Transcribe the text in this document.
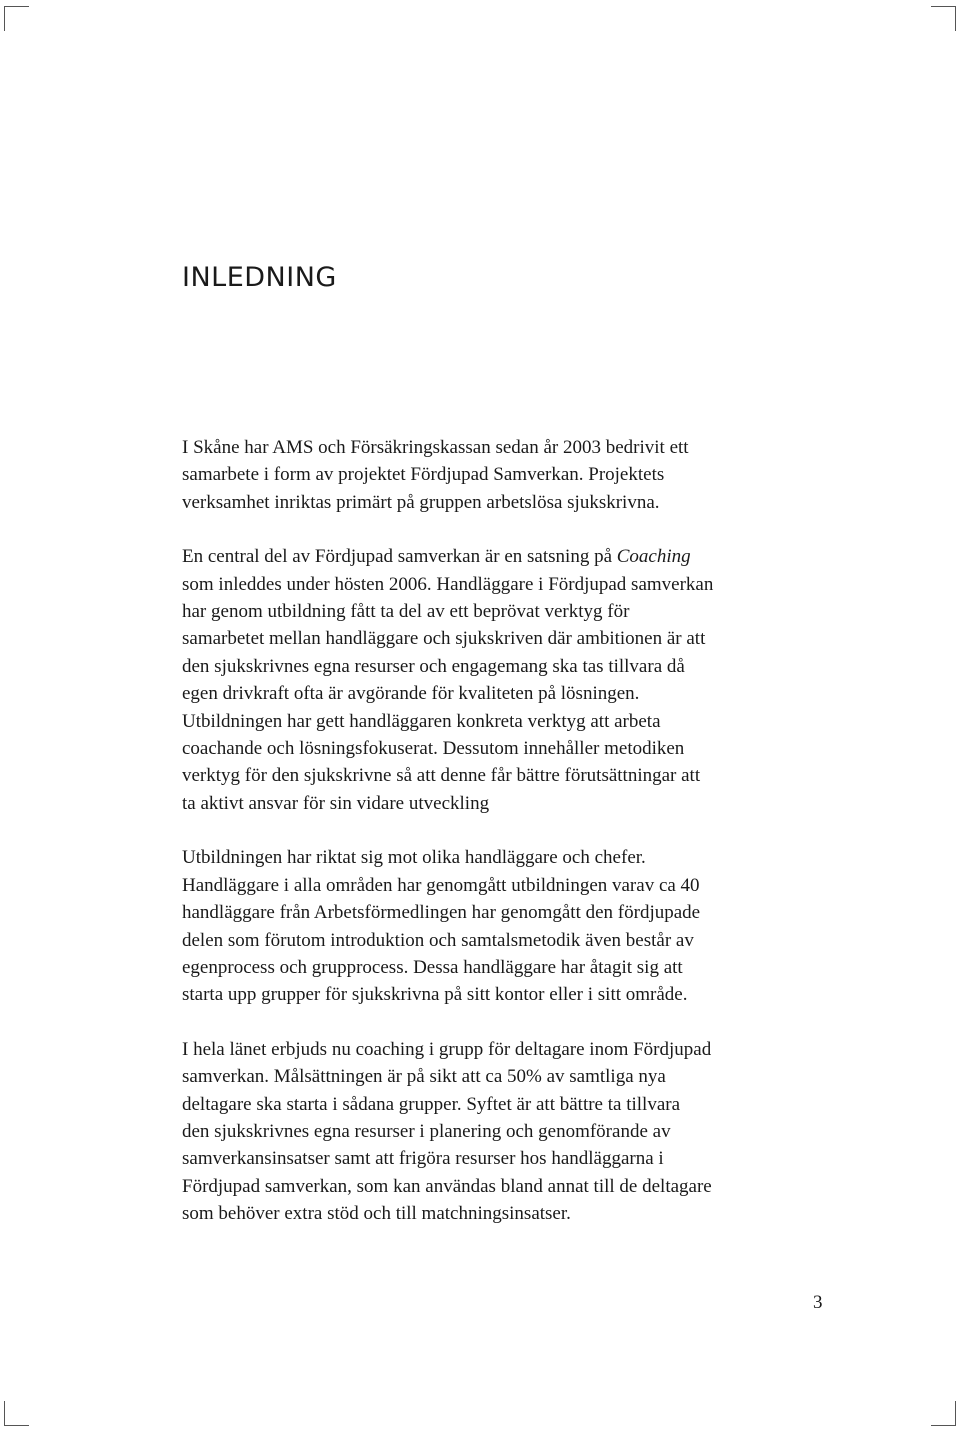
INLEDNING

I Skåne har AMS och Försäkringskassan sedan år 2003 bedrivit ett

samarbete i form av projektet Fördjupad Samverkan. Projektets

verksamhet inriktas primärt på gruppen arbetslösa sjukskrivna.

En central del av Fördjupad samverkan är en satsning på Coaching

som inleddes under hösten 2006. Handläggare i Fördjupad samverkan

har genom utbildning fått ta del av ett beprövat verktyg för

samarbetet mellan handläggare och sjukskriven där ambitionen är att

den sjukskrivnes egna resurser och engagemang ska tas tillvara då

egen drivkraft ofta är avgörande för kvaliteten på lösningen.

Utbildningen har gett handläggaren konkreta verktyg att arbeta

coachande och lösningsfokuserat. Dessutom innehåller metodiken

verktyg för den sjukskrivne så att denne får bättre förutsättningar att

ta aktivt ansvar för sin vidare utveckling

Utbildningen har riktat sig mot olika handläggare och chefer.

Handläggare i alla områden har genomgått utbildningen varav ca 40

handläggare från Arbetsförmedlingen har genomgått den fördjupade

delen som förutom introduktion och samtalsmetodik även består av

egenprocess och grupprocess. Dessa handläggare har åtagit sig att

starta upp grupper för sjukskrivna på sitt kontor eller i sitt område.

I hela länet erbjuds nu coaching i grupp för deltagare inom Fördjupad

samverkan. Målsättningen är på sikt att ca 50% av samtliga nya

deltagare ska starta i sådana grupper. Syftet är att bättre ta tillvara

den sjukskrivnes egna resurser i planering och genomförande av

samverkansinsatser samt att frigöra resurser hos handläggarna i

Fördjupad samverkan, som kan användas bland annat till de deltagare

som behöver extra stöd och till matchningsinsatser.

3
